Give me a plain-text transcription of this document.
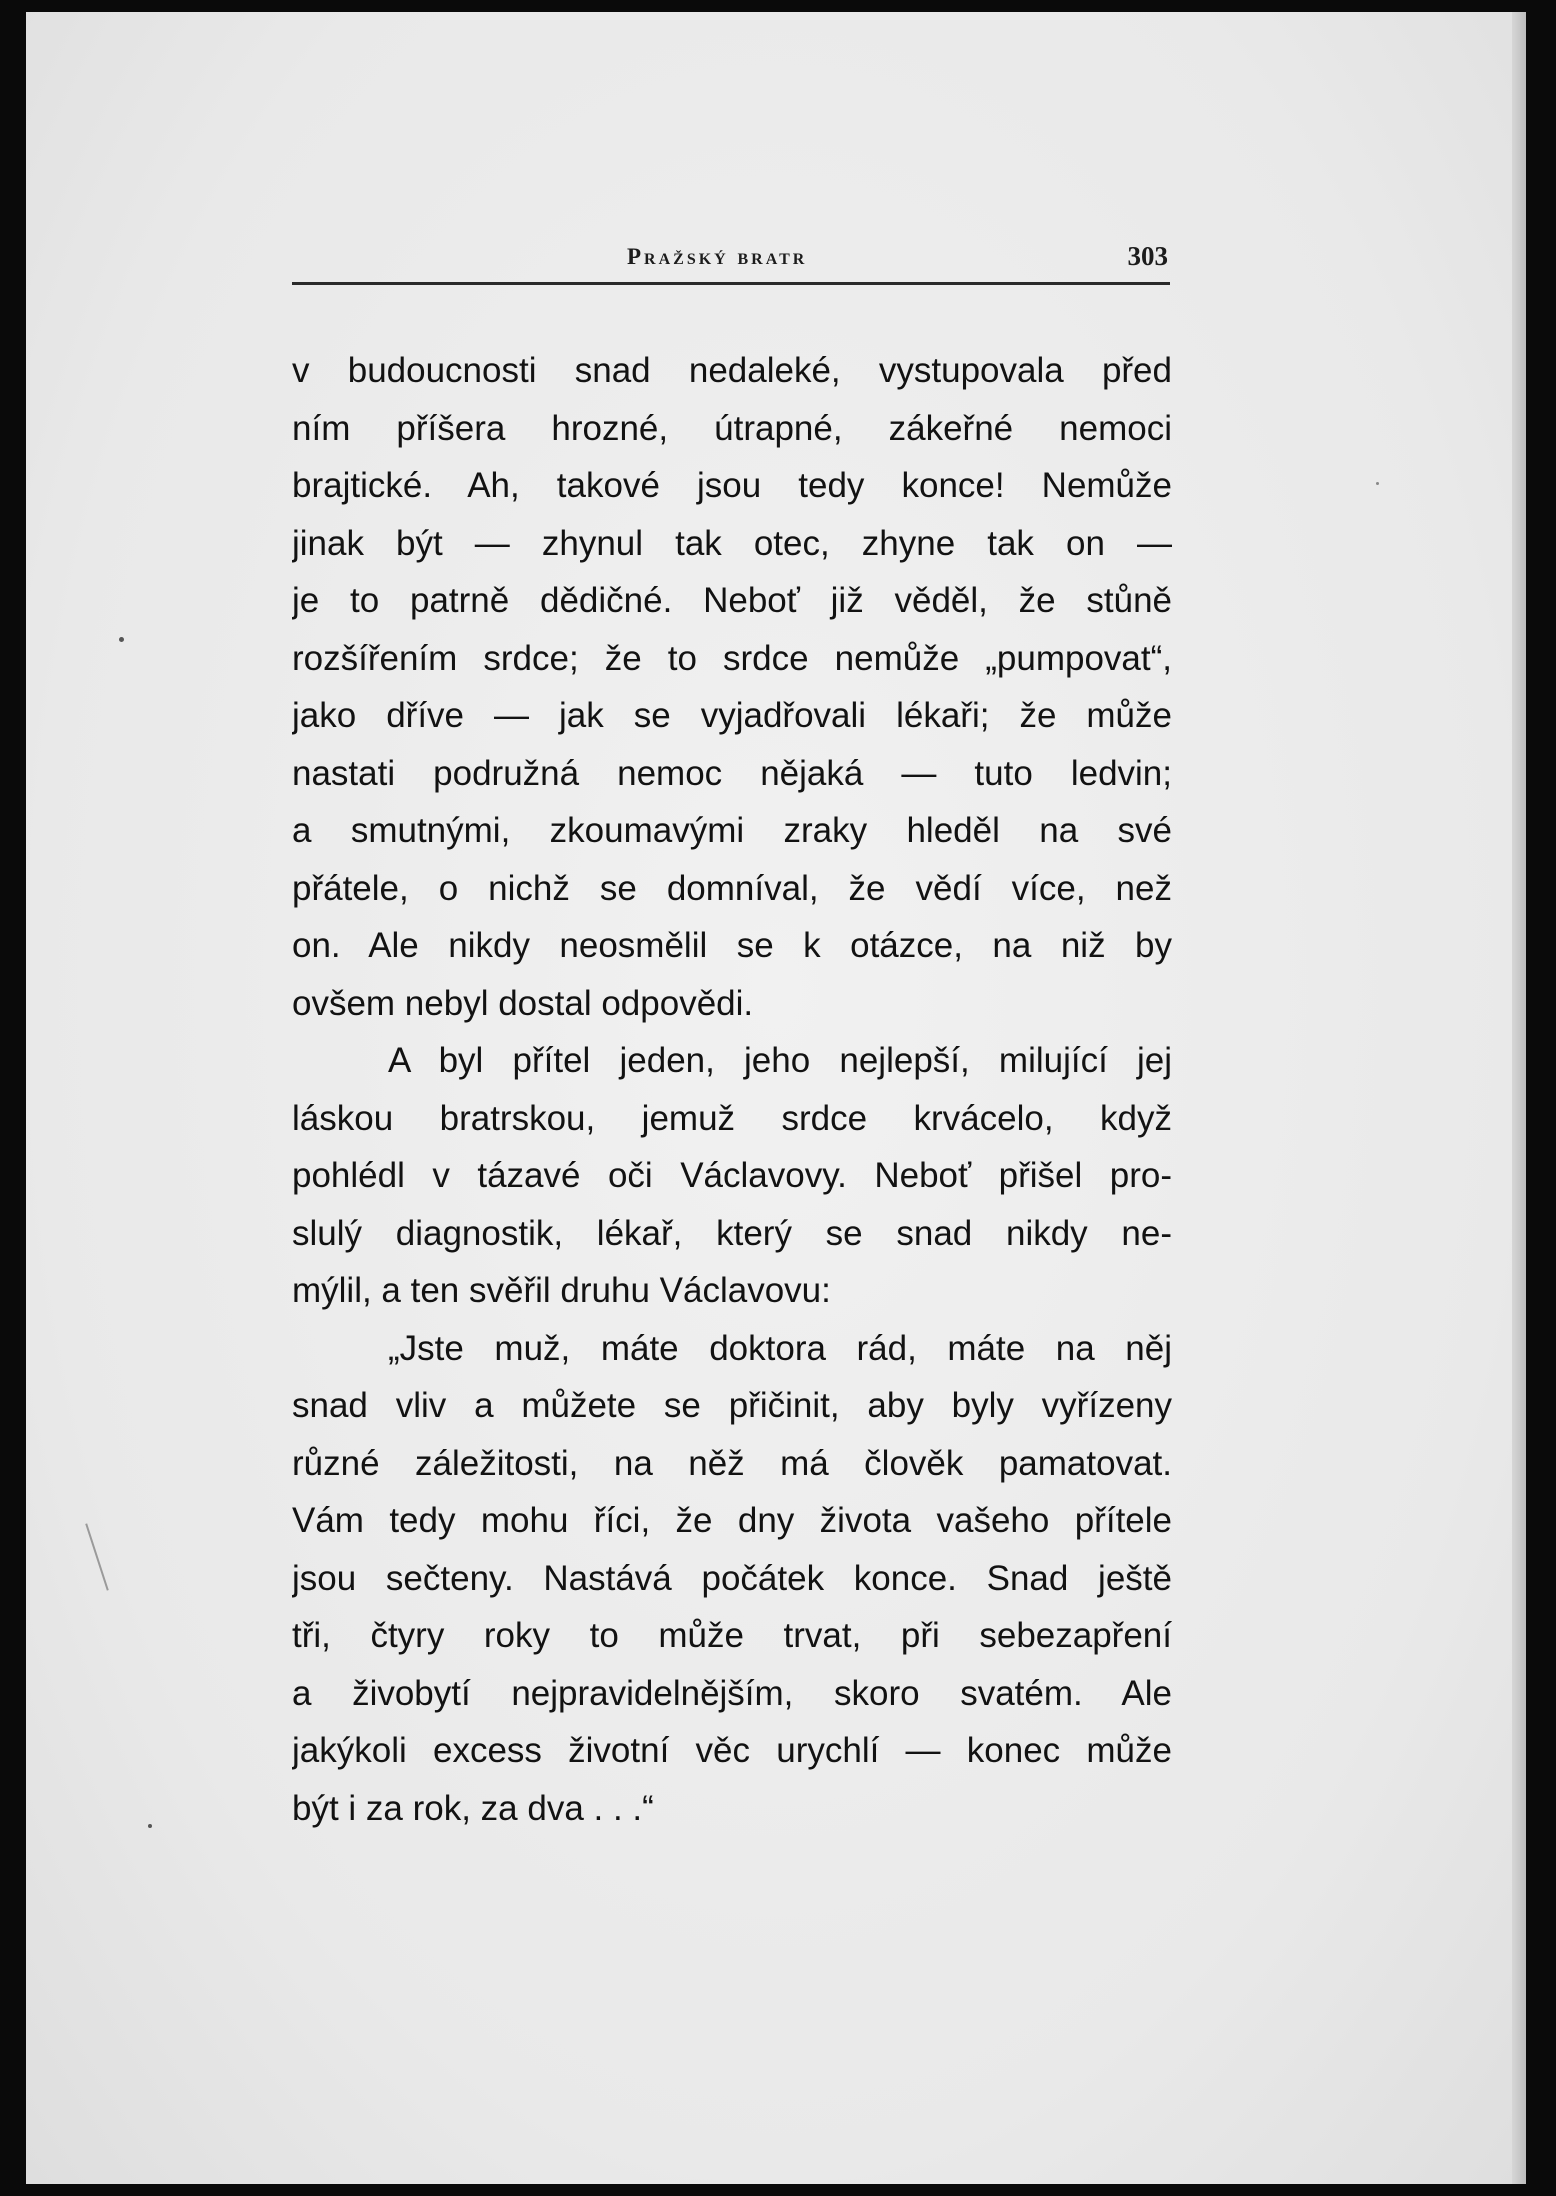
Pražský bratr	303
v budoucnosti snad nedaleké, vystupovala před
ním příšera hrozné, útrapné, zákeřné nemoci
brajtické. Ah, takové jsou tedy konce! Nemůže
jinak být — zhynul tak otec, zhyne tak on —
je to patrně dědičné. Neboť již věděl, že stůně
rozšířením srdce; že to srdce nemůže „pumpovat“,
jako dříve — jak se vyjadřovali lékaři; že může
nastati podružná nemoc nějaká — tuto ledvin;
a smutnými, zkoumavými zraky hleděl na své
přátele, o nichž se domníval, že vědí více, než
on. Ale nikdy neosmělil se k otázce, na niž by
ovšem nebyl dostal odpovědi.
A byl přítel jeden, jeho nejlepší, milující jej
láskou bratrskou, jemuž srdce krvácelo, když
pohlédl v tázavé oči Václavovy. Neboť přišel pro-
slulý diagnostik, lékař, který se snad nikdy ne-
mýlil, a ten svěřil druhu Václavovu:
„Jste muž, máte doktora rád, máte na něj
snad vliv a můžete se přičinit, aby byly vyřízeny
různé záležitosti, na něž má člověk pamatovat.
Vám tedy mohu říci, že dny života vašeho přítele
jsou sečteny. Nastává počátek konce. Snad ještě
tři, čtyry roky to může trvat, při sebezapření
a živobytí nejpravidelnějším, skoro svatém. Ale
jakýkoli excess životní věc urychlí — konec může
být i za rok, za dva . . .“
